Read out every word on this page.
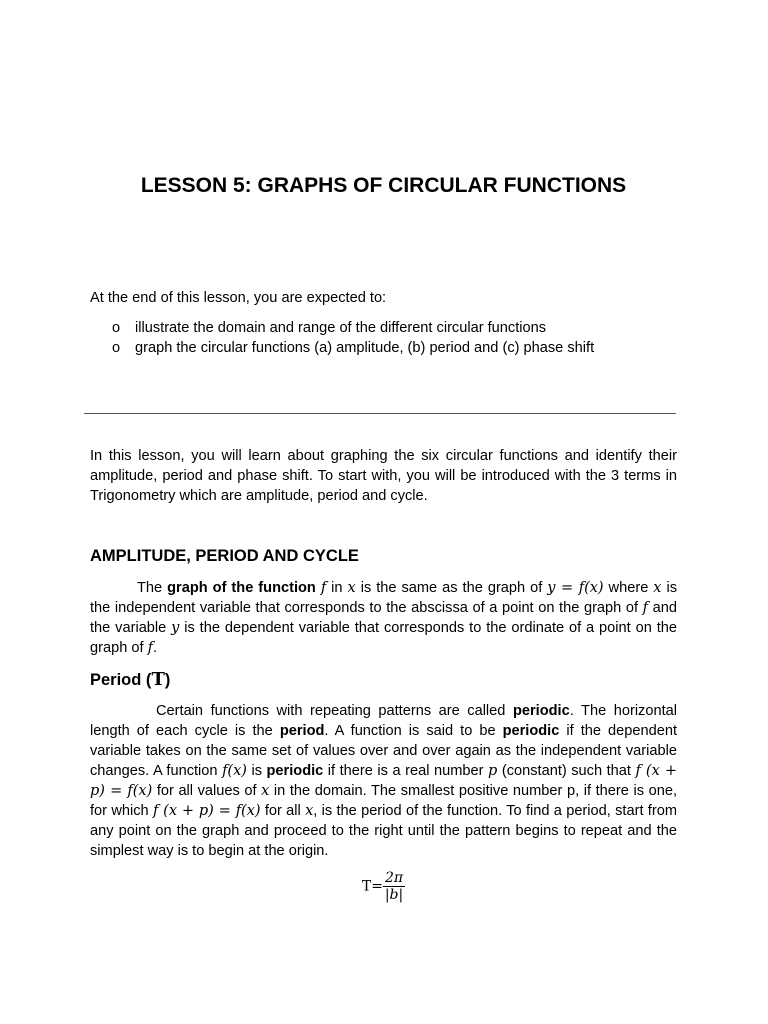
LESSON 5: GRAPHS OF CIRCULAR FUNCTIONS
At the end of this lesson, you are expected to:
o illustrate the domain and range of the different circular functions
o graph the circular functions (a) amplitude, (b) period and (c) phase shift

In this lesson, you will learn about graphing the six circular functions and identify their amplitude, period and phase shift. To start with, you will be introduced with the 3 terms in Trigonometry which are amplitude, period and cycle.

AMPLITUDE, PERIOD AND CYCLE

The graph of the function f in x is the same as the graph of y = f(x) where x is the independent variable that corresponds to the abscissa of a point on the graph of f and the variable y is the dependent variable that corresponds to the ordinate of a point on the graph of f.

Period (T)

Certain functions with repeating patterns are called periodic. The horizontal length of each cycle is the period. A function is said to be periodic if the dependent variable takes on the same set of values over and over again as the independent variable changes. A function f(x) is periodic if there is a real number p (constant) such that f (x + p) = f(x) for all values of x in the domain. The smallest positive number p, if there is one, for which f (x + p) = f(x) for all x, is the period of the function. To find a period, start from any point on the graph and proceed to the right until the pattern begins to repeat and the simplest way is to begin at the origin.

$T= \frac{2\pi}{|b|}$
